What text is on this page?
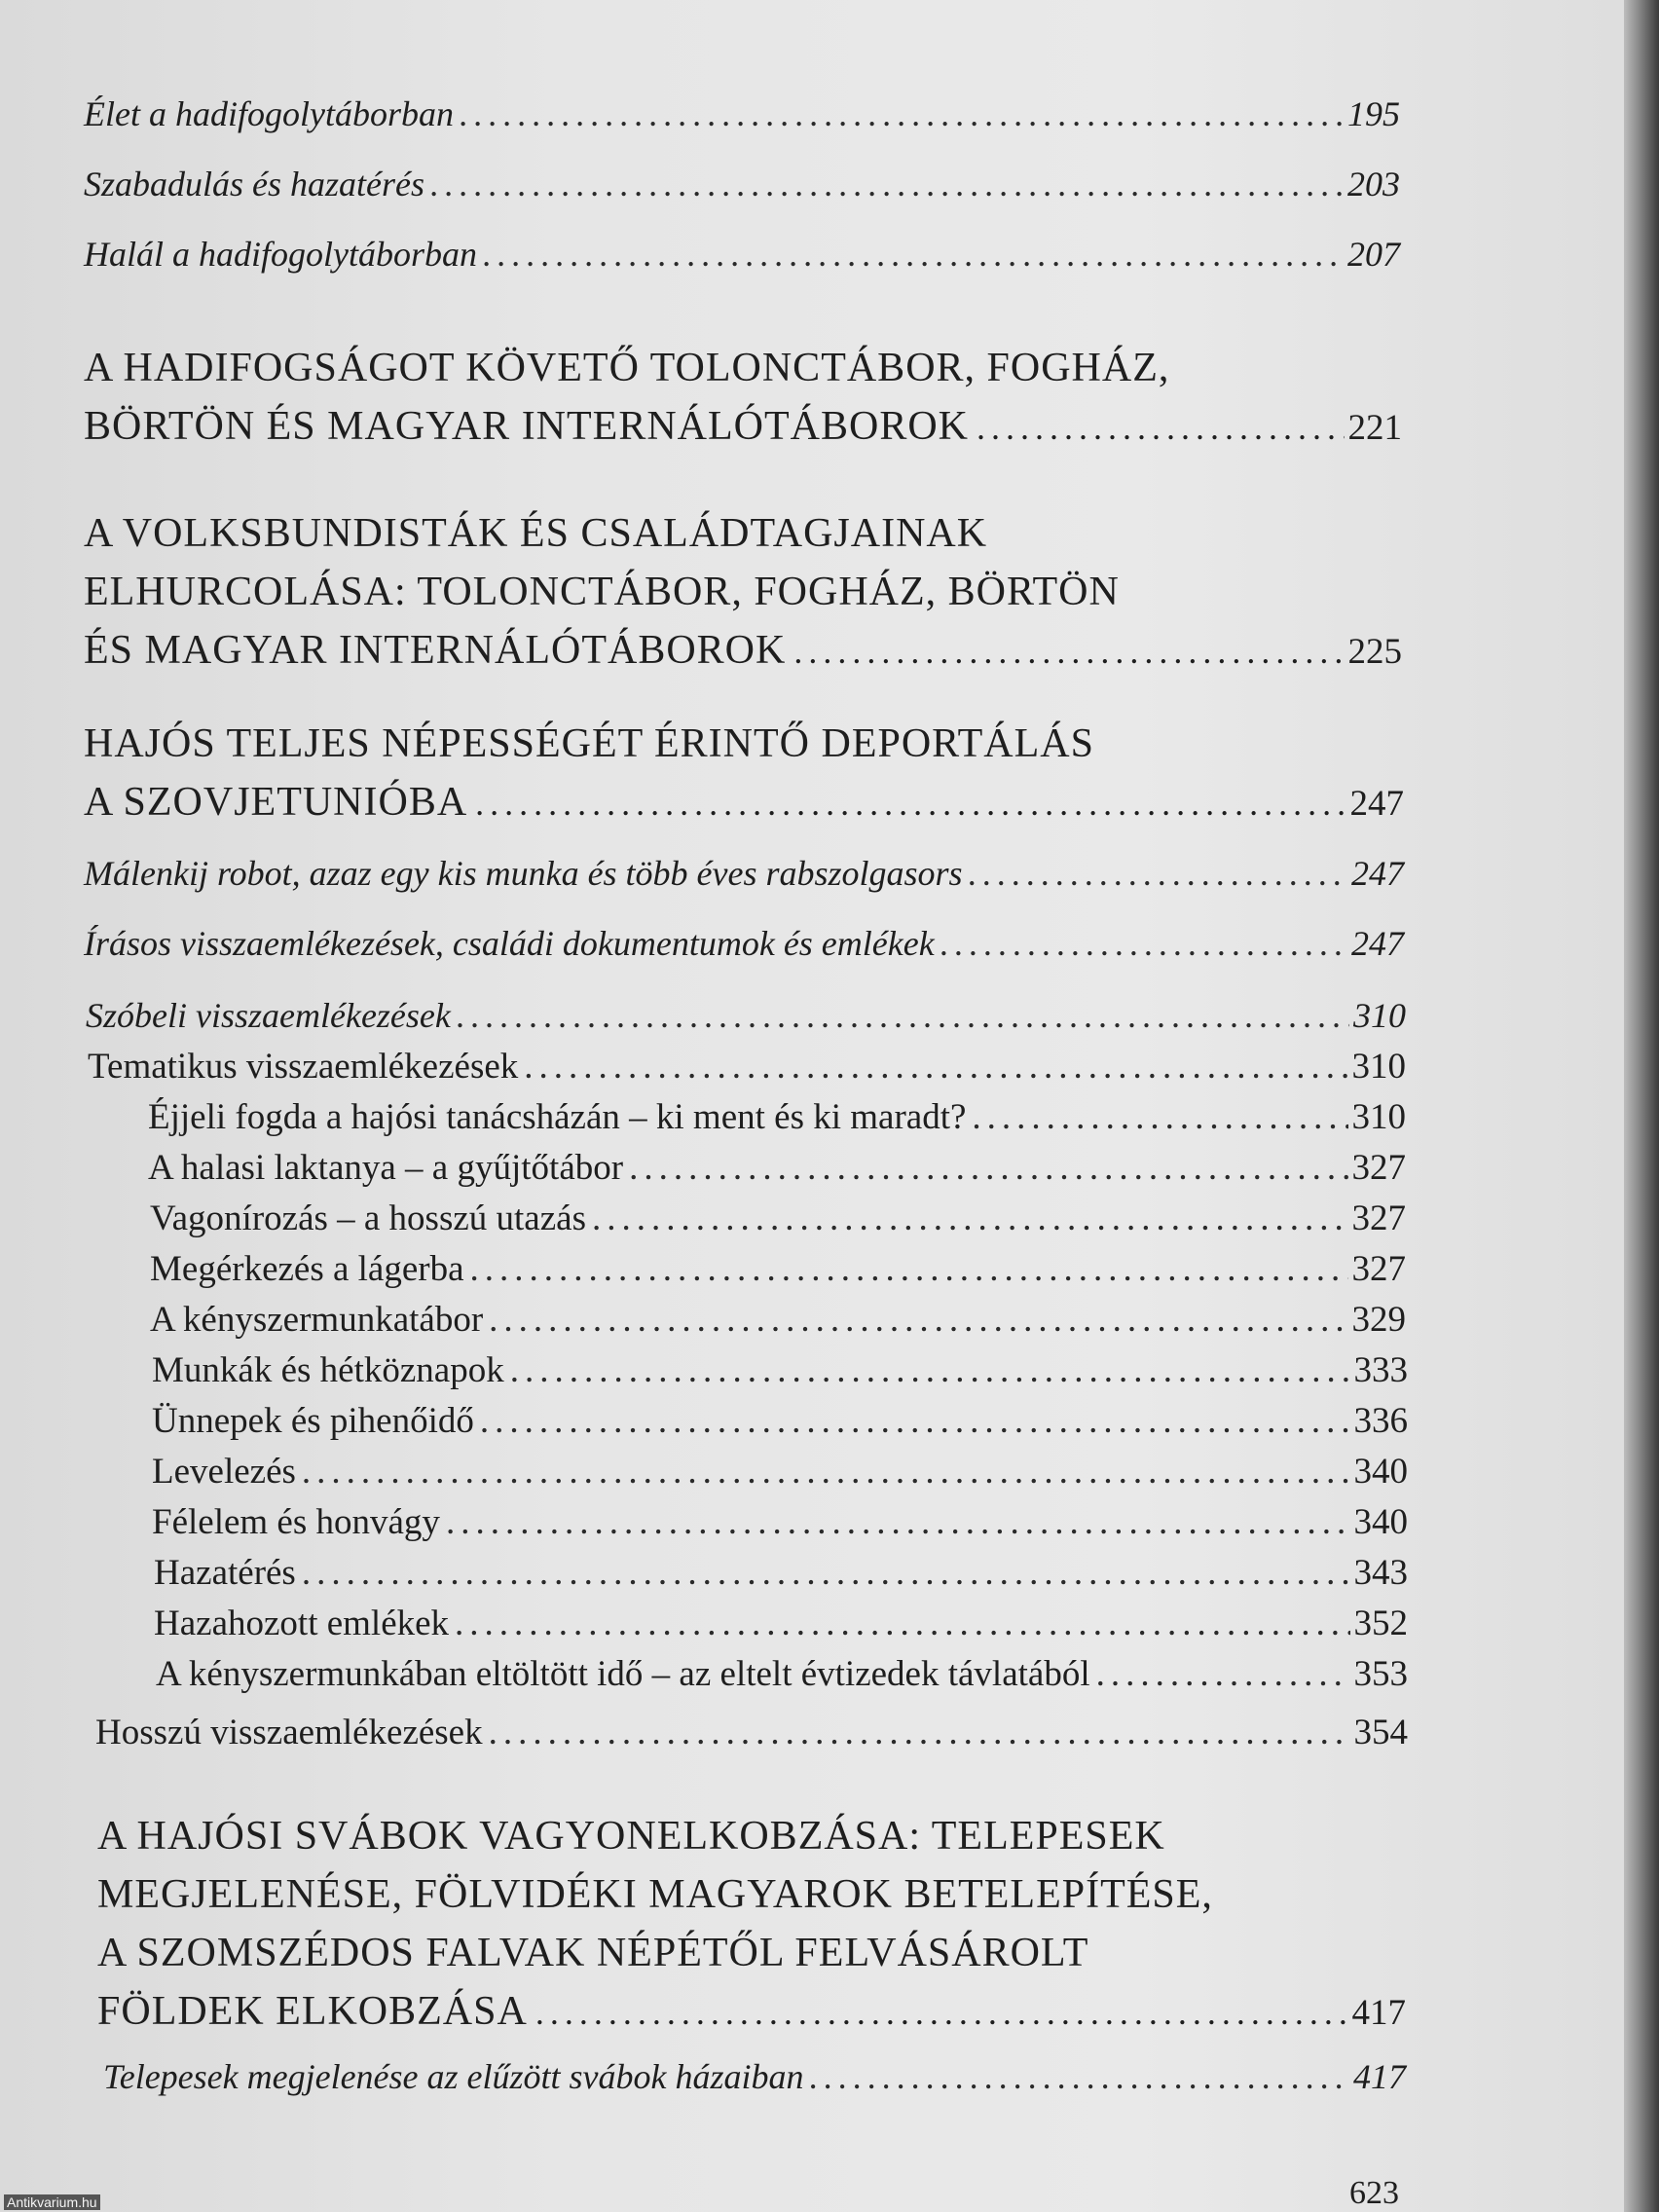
Élet a hadifogolytáborban .....	195
Szabadulás és hazatérés .....	203
Halál a hadifogolytáborban .....	207
A HADIFOGSÁGOT KÖVETŐ TOLONCTÁBOR, FOGHÁZ,
BÖRTÖN ÉS MAGYAR INTERNÁLÓTÁBOROK .....	221
A VOLKSBUNDISTÁK ÉS CSALÁDTAGJAINAK
ELHURCOLÁSA: TOLONCTÁBOR, FOGHÁZ, BÖRTÖN
ÉS MAGYAR INTERNÁLÓTÁBOROK .....	225
HAJÓS TELJES NÉPESSÉGÉT ÉRINTŐ DEPORTÁLÁS
A SZOVJETUNIÓBA .....	247
Málenkij robot, azaz egy kis munka és több éves rabszolgasors .....	247
Írásos visszaemlékezések, családi dokumentumok és emlékek .....	247
Szóbeli visszaemlékezések .....	310
Tematikus visszaemlékezések .....	310
Éjjeli fogda a hajósi tanácsházán – ki ment és ki maradt? .....	310
A halasi laktanya – a gyűjtőtábor .....	327
Vagonírozás – a hosszú utazás .....	327
Megérkezés a lágerba .....	327
A kényszermunkatábor .....	329
Munkák és hétköznapok .....	333
Ünnepek és pihenőidő .....	336
Levelezés .....	340
Félelem és honvágy .....	340
Hazatérés .....	343
Hazahozott emlékek .....	352
A kényszermunkában eltöltött idő – az eltelt évtizedek távlatából .....	353
Hosszú visszaemlékezések .....	354
A HAJÓSI SVÁBOK VAGYONELKOBZÁSA: TELEPESEK
MEGJELENÉSE, FÖLVIDÉKI MAGYAROK BETELEPÍTÉSE,
A SZOMSZÉDOS FALVAK NÉPÉTŐL FELVÁSÁROLT
FÖLDEK ELKOBZÁSA .....	417
Telepesek megjelenése az elűzött svábok házaiban .....	417
623
Antikvarium.hu
